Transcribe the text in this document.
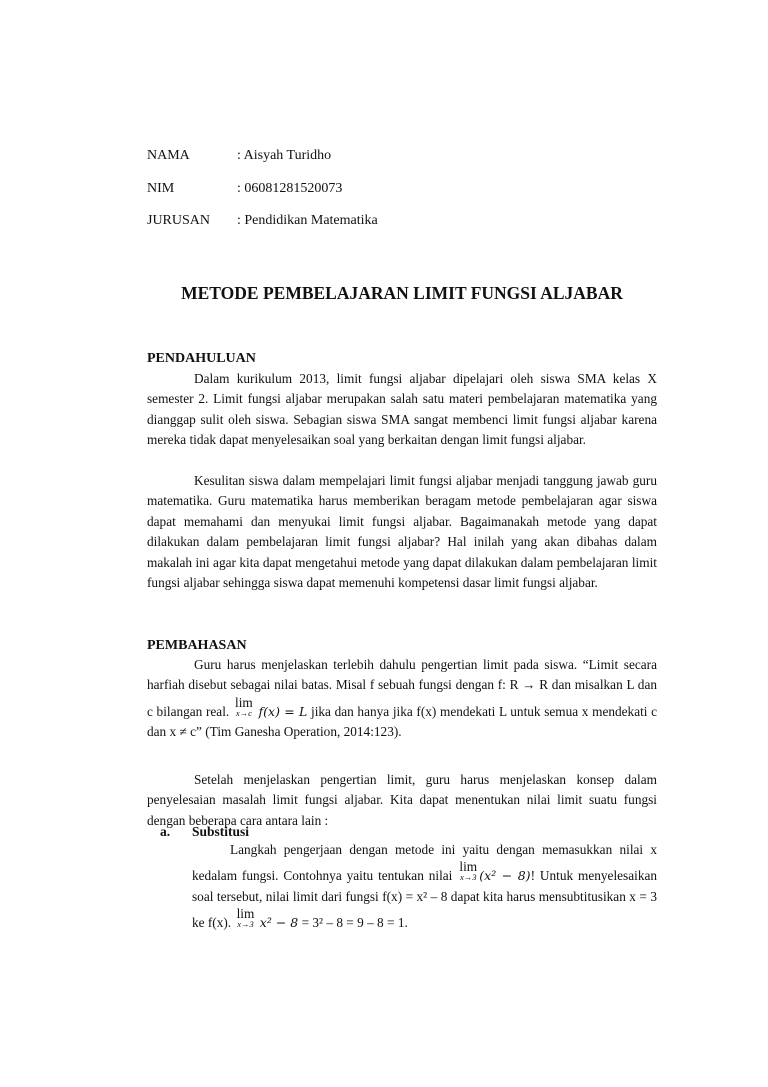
NAMA	: Aisyah Turidho
NIM	: 06081281520073
JURUSAN : Pendidikan Matematika
METODE PEMBELAJARAN LIMIT FUNGSI ALJABAR
PENDAHULUAN

Dalam kurikulum 2013, limit fungsi aljabar dipelajari oleh siswa SMA kelas X semester 2. Limit fungsi aljabar merupakan salah satu materi pembelajaran matematika yang dianggap sulit oleh siswa. Sebagian siswa SMA sangat membenci limit fungsi aljabar karena mereka tidak dapat menyelesaikan soal yang berkaitan dengan limit fungsi aljabar.

Kesulitan siswa dalam mempelajari limit fungsi aljabar menjadi tanggung jawab guru matematika. Guru matematika harus memberikan beragam metode pembelajaran agar siswa dapat memahami dan menyukai limit fungsi aljabar. Bagaimanakah metode yang dapat dilakukan dalam pembelajaran limit fungsi aljabar? Hal inilah yang akan dibahas dalam makalah ini agar kita dapat mengetahui metode yang dapat dilakukan dalam pembelajaran limit fungsi aljabar sehingga siswa dapat memenuhi kompetensi dasar limit fungsi aljabar.

PEMBAHASAN

Guru harus menjelaskan terlebih dahulu pengertian limit pada siswa. “Limit secara harfiah disebut sebagai nilai batas. Misal f sebuah fungsi dengan f: R → R dan misalkan L dan c bilangan real.
lim
x→c f(x) = L jika dan hanya jika f(x) mendekati L untuk semua x mendekati c dan x ≠ c” (Tim Ganesha Operation, 2014:123).

Setelah menjelaskan pengertian limit, guru harus menjelaskan konsep dalam penyelesaian masalah limit fungsi aljabar. Kita dapat menentukan nilai limit suatu fungsi dengan beberapa cara antara lain :

a. Substitusi

Langkah pengerjaan dengan metode ini yaitu dengan memasukkan nilai x kedalam fungsi. Contohnya yaitu tentukan nilai
lim
x→3 (x² − 8)! Untuk menyelesaikan soal tersebut, nilai limit dari fungsi f(x) = x² – 8 dapat kita harus mensubtitusikan x = 3 ke f(x).
lim
x→3 x² − 8 = 3² – 8 = 9 – 8 = 1.
